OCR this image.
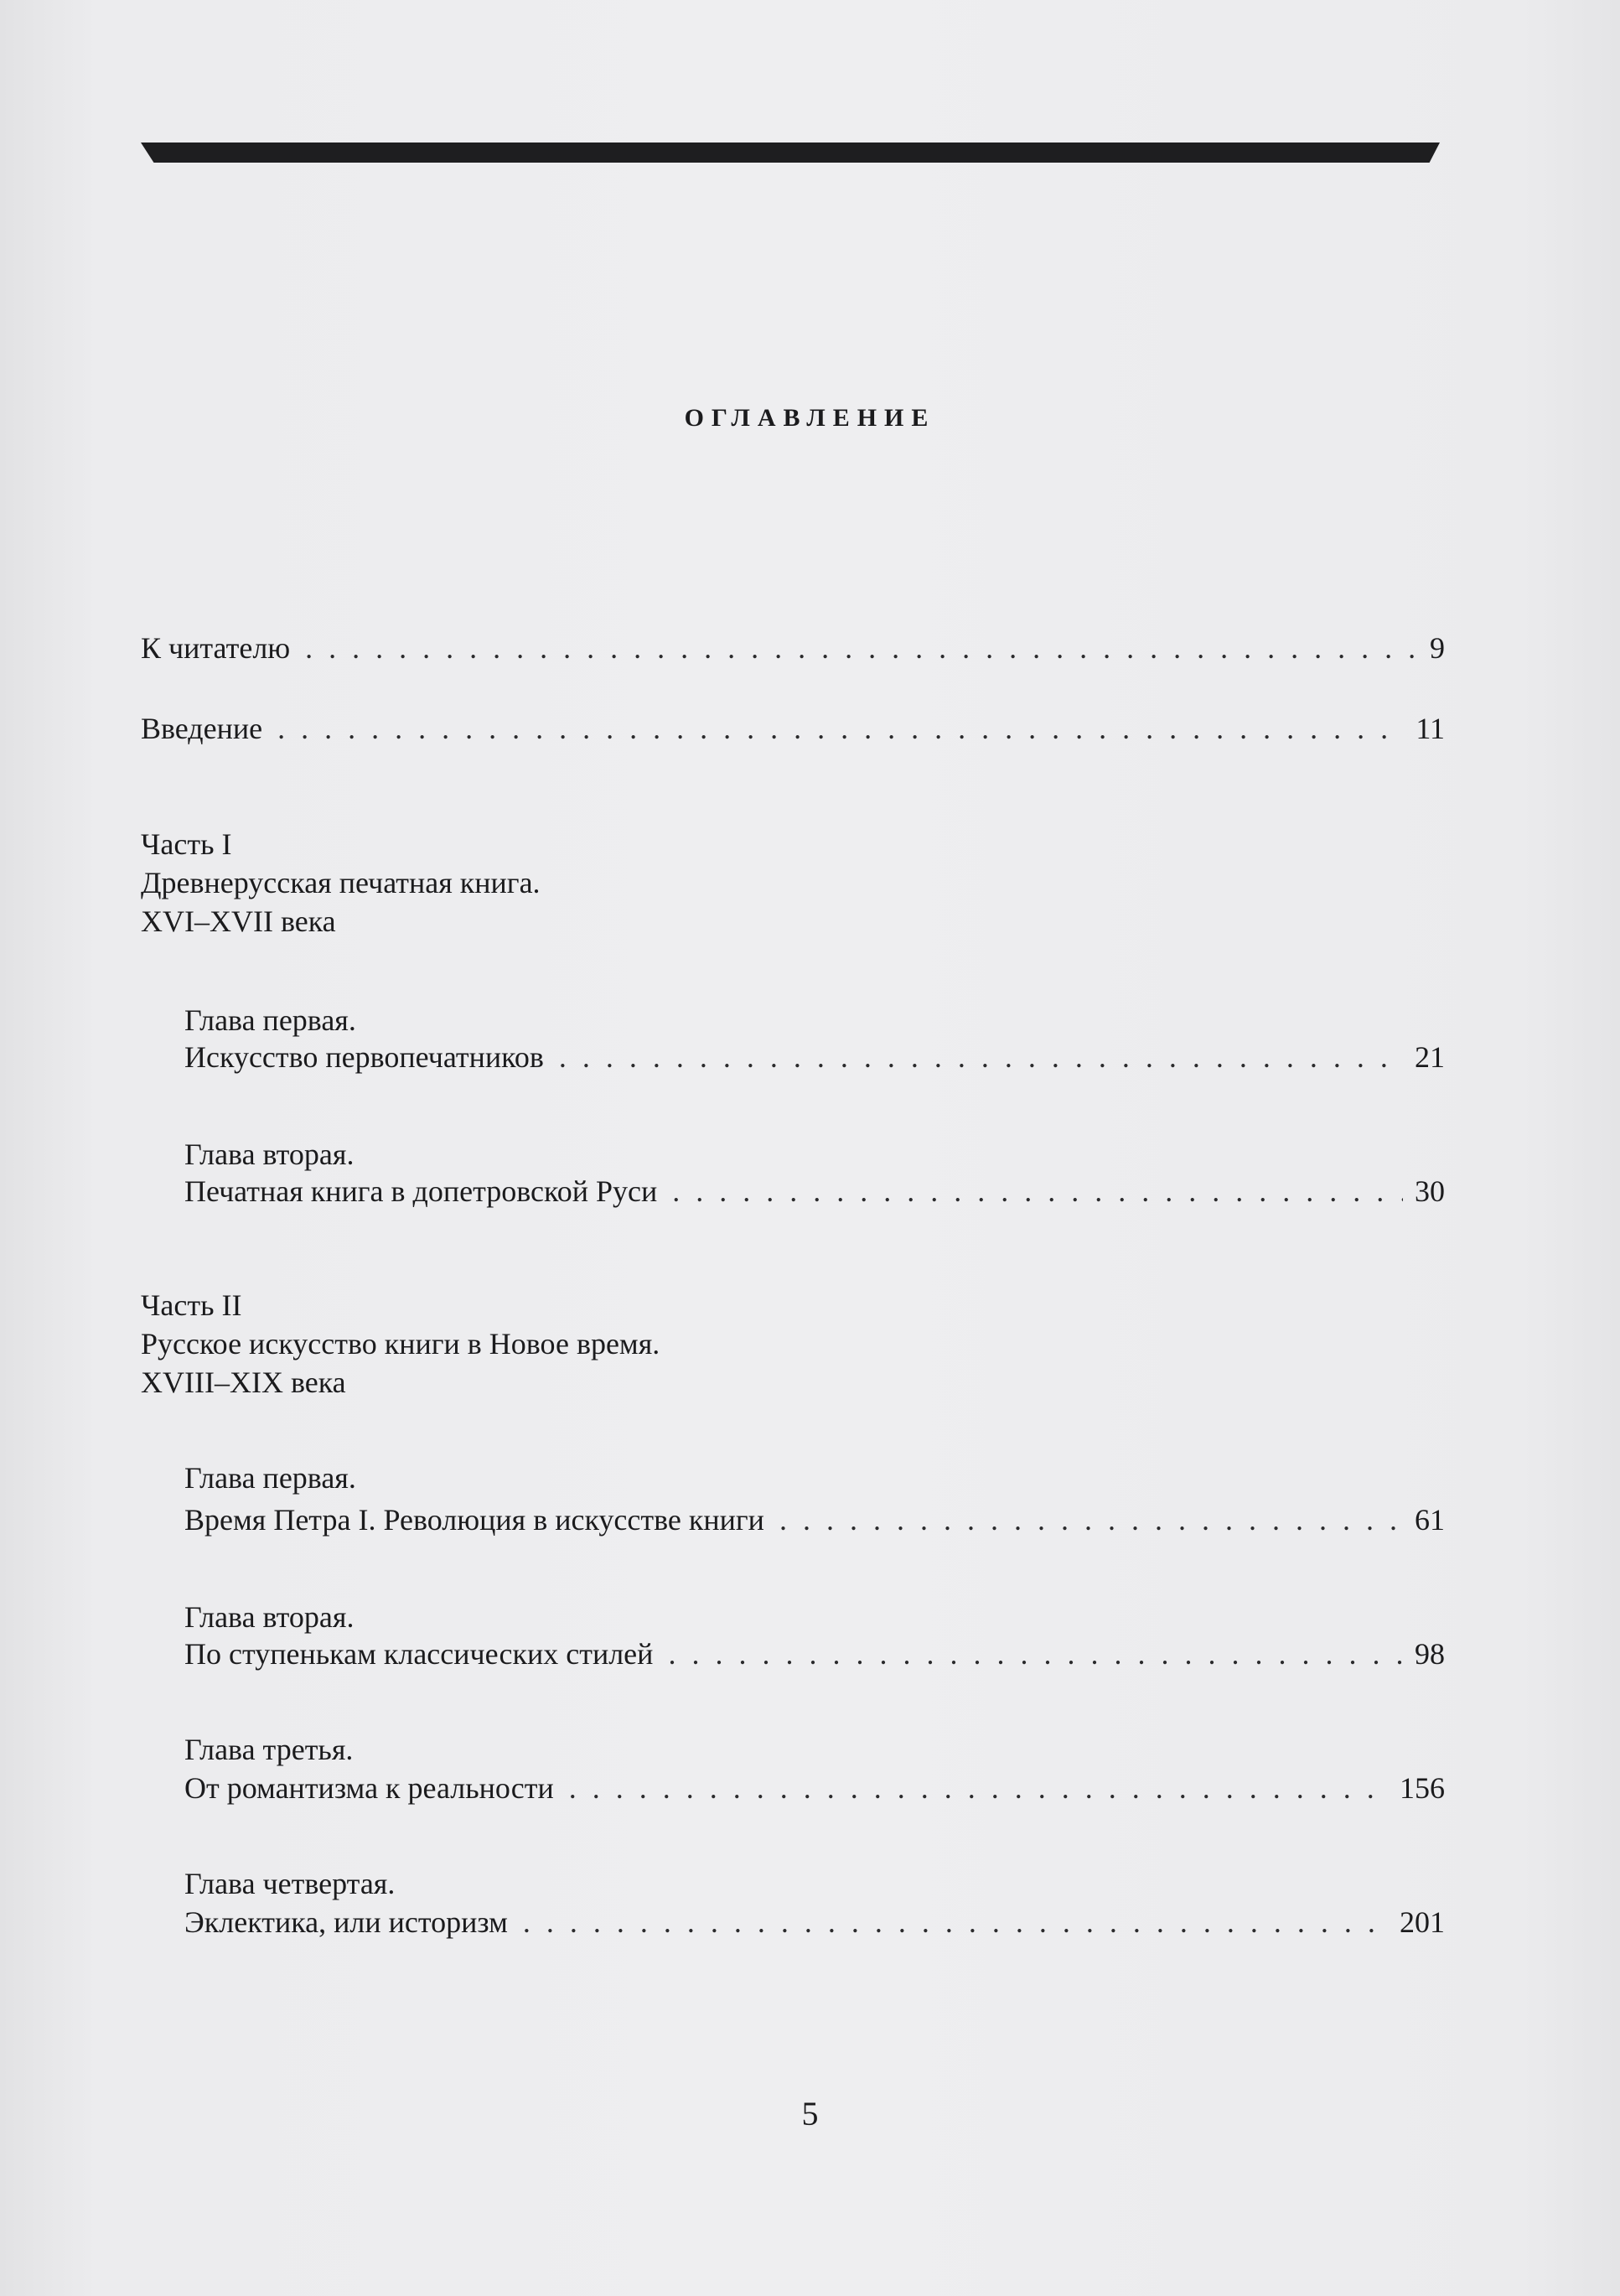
ОГЛАВЛЕНИЕ
К читателю . . .	9
Введение . . .	11
Часть I
Древнерусская печатная книга.
XVI–XVII века
Глава первая.
Искусство первопечатников . . .	21
Глава вторая.
Печатная книга в допетровской Руси . . .	30
Часть II
Русское искусство книги в Новое время.
XVIII–XIX века
Глава первая.
Время Петра I. Революция в искусстве книги . . .	61
Глава вторая.
По ступенькам классических стилей . . .	98
Глава третья.
От романтизма к реальности . . .	156
Глава четвертая.
Эклектика, или историзм . . .	201
5
